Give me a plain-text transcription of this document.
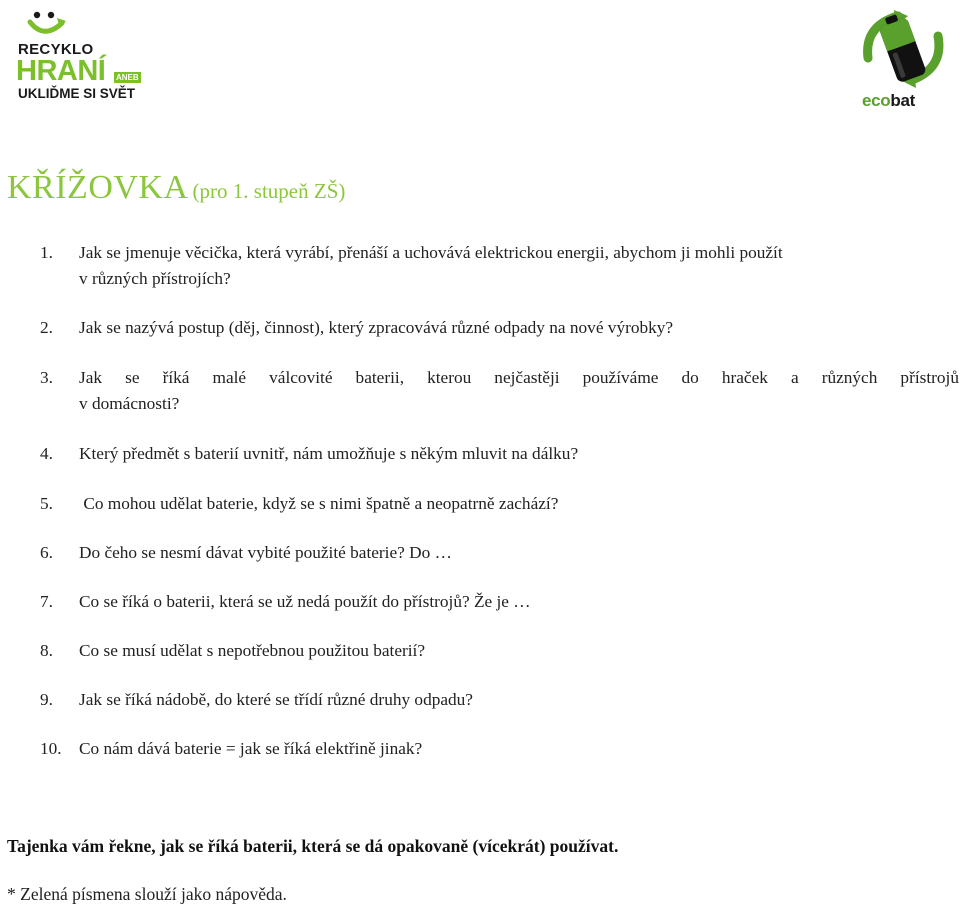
RECYKLO
HRANÍ ANEB
UKLIĎME SI SVĚT	ecobat
KŘÍŽOVKA (pro 1. stupeň ZŠ)
1. Jak se jmenuje věcička, která vyrábí, přenáší a uchovává elektrickou energii, abychom ji mohli použít
v různých přístrojích?
2. Jak se nazývá postup (děj, činnost), který zpracovává různé odpady na nové výrobky?
3. Jak se říká malé válcovité baterii, kterou nejčastěji používáme do hraček a různých přístrojů
v domácnosti?
4. Který předmět s baterií uvnitř, nám umožňuje s někým mluvit na dálku?
5. Co mohou udělat baterie, když se s nimi špatně a neopatrně zachází?
6. Do čeho se nesmí dávat vybité použité baterie? Do …
7. Co se říká o baterii, která se už nedá použít do přístrojů? Že je …
8. Co se musí udělat s nepotřebnou použitou baterií?
9. Jak se říká nádobě, do které se třídí různé druhy odpadu?
10. Co nám dává baterie = jak se říká elektřině jinak?
Tajenka vám řekne, jak se říká baterii, která se dá opakovaně (vícekrát) používat.
* Zelená písmena slouží jako nápověda.
